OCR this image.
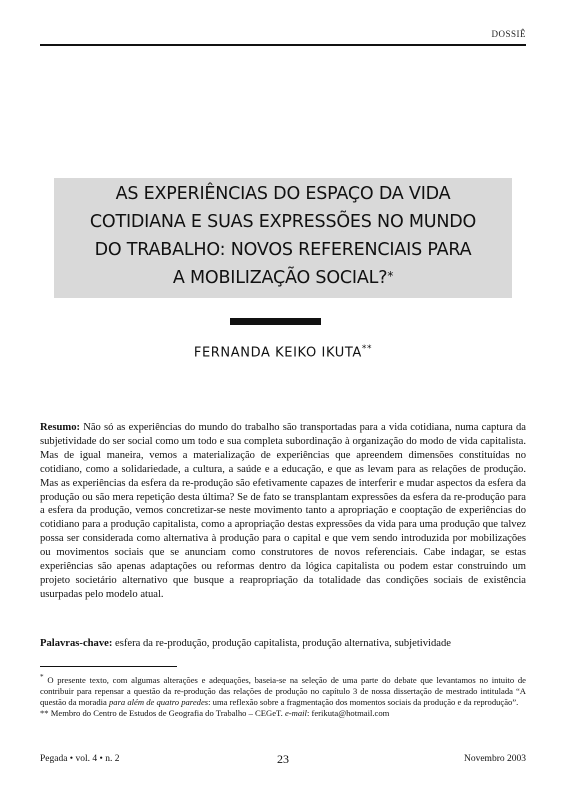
DOSSIÊ
AS EXPERIÊNCIAS DO ESPAÇO DA VIDA
COTIDIANA E SUAS EXPRESSÕES NO MUNDO
DO TRABALHO: NOVOS REFERENCIAIS PARA
A MOBILIZAÇÃO SOCIAL?*
FERNANDA KEIKO IKUTA**
Resumo: Não só as experiências do mundo do trabalho são transportadas para a vida cotidiana, numa captura da subjetividade do ser social como um todo e sua completa subordinação à organização do modo de vida capitalista. Mas de igual maneira, vemos a materialização de experiências que apreendem dimensões constituídas no cotidiano, como a solidariedade, a cultura, a saúde e a educação, e que as levam para as relações de produção. Mas as experiências da esfera da re-produção são efetivamente capazes de interferir e mudar aspectos da esfera da produção ou são mera repetição desta última? Se de fato se transplantam expressões da esfera da re-produção para a esfera da produção, vemos concretizar-se neste movimento tanto a apropriação e cooptação de experiências do cotidiano para a produção capitalista, como a apropriação destas expressões da vida para uma produção que talvez possa ser considerada como alternativa à produção para o capital e que vem sendo introduzida por mobilizações ou movimentos sociais que se anunciam como construtores de novos referenciais. Cabe indagar, se estas experiências são apenas adaptações ou reformas dentro da lógica capitalista ou podem estar construindo um projeto societário alternativo que busque a reapropriação da totalidade das condições sociais de existência usurpadas pelo modelo atual.
Palavras-chave: esfera da re-produção, produção capitalista, produção alternativa, subjetividade

* O presente texto, com algumas alterações e adequações, baseia-se na seleção de uma parte do debate que levantamos no intuito de contribuir para repensar a questão da re-produção das relações de produção no capítulo 3 de nossa dissertação de mestrado intitulada “A questão da moradia para além de quatro paredes: uma reflexão sobre a fragmentação dos momentos sociais da produção e da reprodução”.

** Membro do Centro de Estudos de Geografia do Trabalho – CEGeT. e-mail: ferikuta@hotmail.com

Pegada • vol. 4 • n. 2	23	Novembro 2003
